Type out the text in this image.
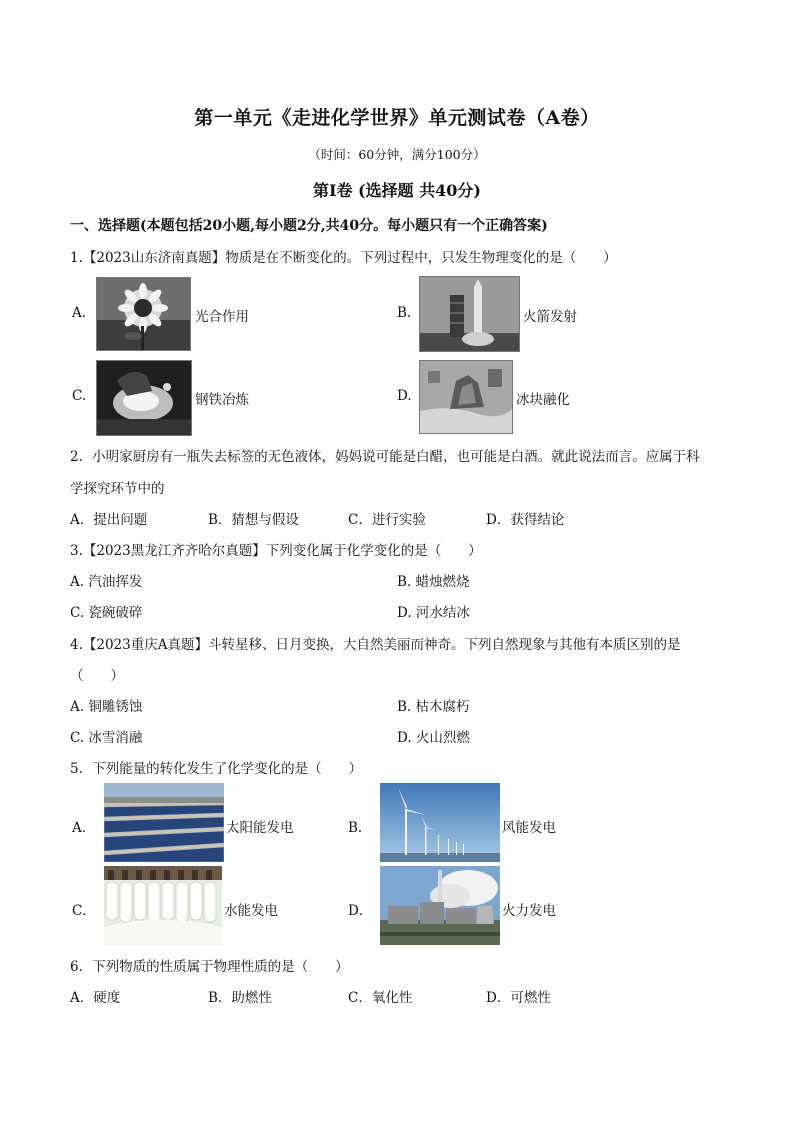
第一单元《走进化学世界》单元测试卷（A卷）
（时间：60分钟，满分100分）
第Ⅰ卷 (选择题 共40分)
一、选择题(本题包括20小题,每小题2分,共40分。每小题只有一个正确答案)
1.【2023山东济南真题】物质是在不断变化的。下列过程中，只发生物理变化的是（　　）
A.	光合作用	B.	火箭发射
C.	钢铁冶炼	D.	冰块融化
2．小明家厨房有一瓶失去标签的无色液体，妈妈说可能是白醋，也可能是白酒。就此说法而言。应属于科
学探究环节中的
A．提出问题	B．猜想与假设	C．进行实验	D．获得结论
3.【2023黑龙江齐齐哈尔真题】下列变化属于化学变化的是（　　）
A. 汽油挥发	B. 蜡烛燃烧
C. 瓷碗破碎	D. 河水结冰
4.【2023重庆A真题】斗转星移、日月变换，大自然美丽而神奇。下列自然现象与其他有本质区别的是
（　　）
A. 铜雕锈蚀	B. 枯木腐朽
C. 冰雪消融	D. 火山烈燃
5．下列能量的转化发生了化学变化的是（　　）
A．	太阳能发电	B．	风能发电
C．	水能发电	D．	火力发电
6．下列物质的性质属于物理性质的是（　　）
A．硬度	B．助燃性	C．氧化性	D．可燃性
